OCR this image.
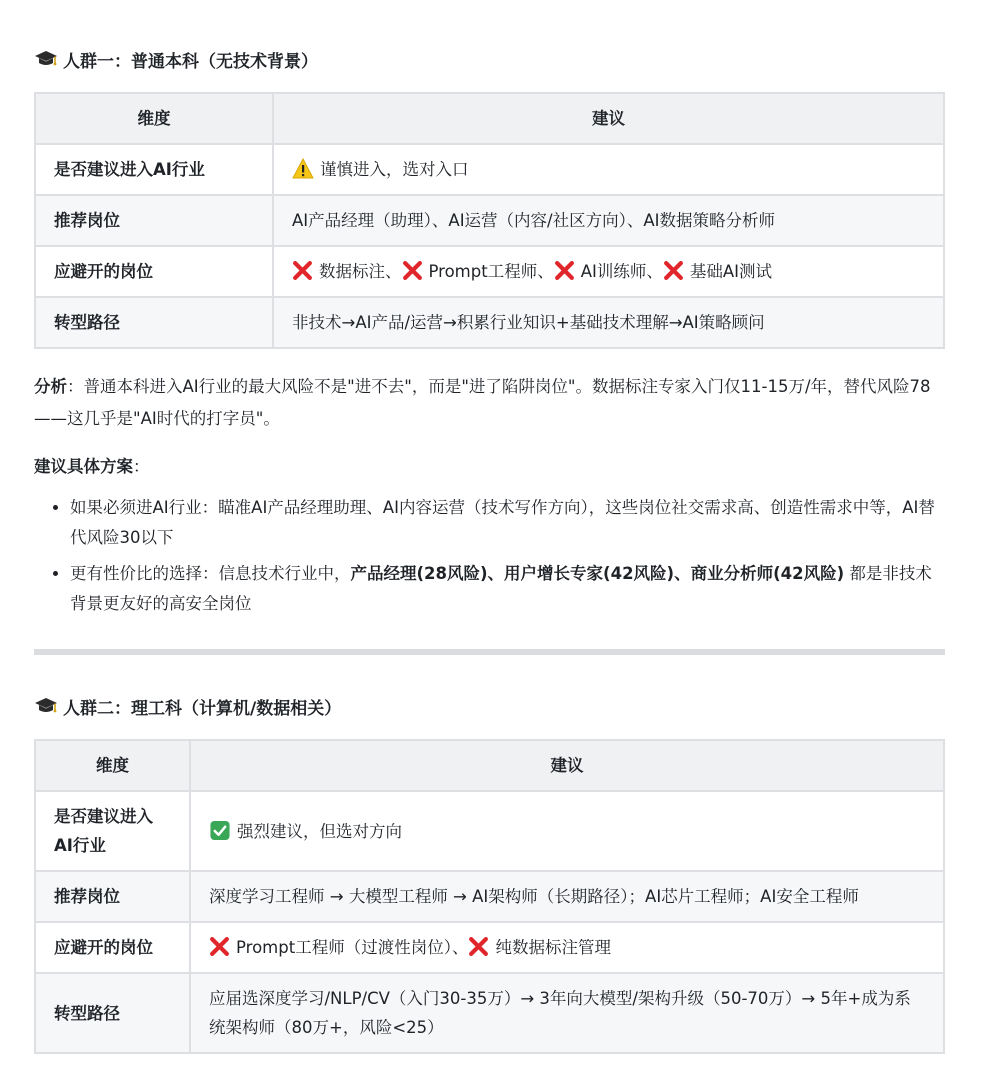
人群一：普通本科（无技术背景）
维度	建议
是否建议进入AI行业	谨慎进入，选对入口
推荐岗位	AI产品经理（助理）、AI运营（内容/社区方向）、AI数据策略分析师
应避开的岗位	数据标注、 Prompt工程师、 AI训练师、 基础AI测试
转型路径	非技术→AI产品/运营→积累行业知识+基础技术理解→AI策略顾问
分析：普通本科进入AI行业的最大风险不是"进不去"，而是"进了陷阱岗位"。数据标注专家入门仅11-15万/年，替代风险78——这几乎是"AI时代的打字员"。
建议具体方案：
• 如果必须进AI行业：瞄准AI产品经理助理、AI内容运营（技术写作方向），这些岗位社交需求高、创造性需求中等，AI替代风险30以下
• 更有性价比的选择：信息技术行业中，产品经理(28风险)、用户增长专家(42风险)、商业分析师(42风险) 都是非技术背景更友好的高安全岗位
人群二：理工科（计算机/数据相关）
维度	建议
是否建议进入AI行业	强烈建议，但选对方向
推荐岗位	深度学习工程师 → 大模型工程师 → AI架构师（长期路径）；AI芯片工程师；AI安全工程师
应避开的岗位	Prompt工程师（过渡性岗位）、 纯数据标注管理
转型路径	应届选深度学习/NLP/CV（入门30-35万）→ 3年向大模型/架构升级（50-70万）→ 5年+成为系统架构师（80万+，风险<25）
